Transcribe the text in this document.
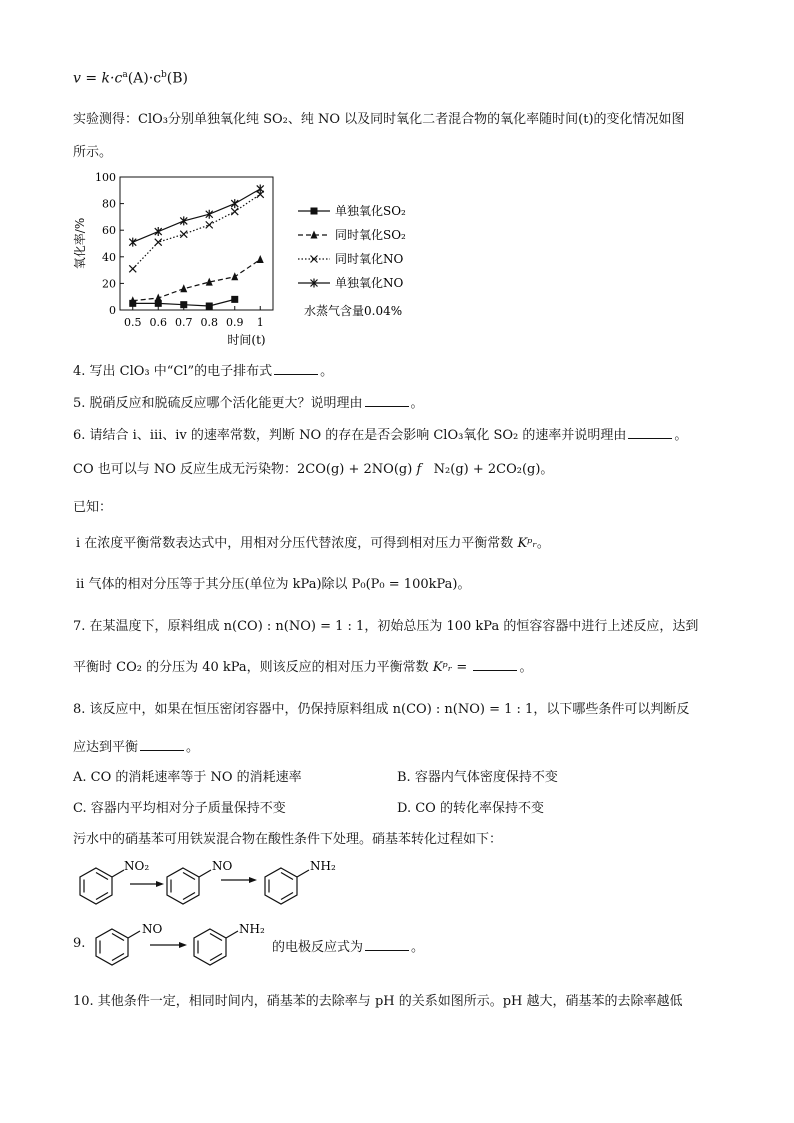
$v = k\cdot c^a(A)\cdot c^b(B)$
实验测得：ClO₃分别单独氧化纯 SO₂、纯 NO 以及同时氧化二者混合物的氧化率随时间(t)的变化情况如图
所示。
0
20
40
60
80
100
0.5 0.6 0.7 0.8 0.9 1
氧化率/%
时间(t)
单独氧化SO₂
同时氧化SO₂
同时氧化NO
单独氧化NO
水蒸气含量0.04%
4. 写出 ClO₃ 中“Cl”的电子排布式	。
5. 脱硝反应和脱硫反应哪个活化能更大？说明理由	。
6. 请结合 ⅰ、ⅲ、ⅳ 的速率常数，判断 NO 的存在是否会影响 ClO₃氧化 SO₂ 的速率并说明理由	。
CO 也可以与 NO 反应生成无污染物：2CO(g) + 2NO(g) f N₂(g) + 2CO₂(g)。
已知：
ⅰ 在浓度平衡常数表达式中，用相对分压代替浓度，可得到相对压力平衡常数 Kᵖᵣ。
ⅱ 气体的相对分压等于其分压(单位为 kPa)除以 P₀(P₀ = 100kPa)。
7. 在某温度下，原料组成 n(CO) : n(NO) = 1 : 1，初始总压为 100 kPa 的恒容容器中进行上述反应，达到
平衡时 CO₂ 的分压为 40 kPa，则该反应的相对压力平衡常数 Kᵖᵣ =	。
8. 该反应中，如果在恒压密闭容器中，仍保持原料组成 n(CO) : n(NO) = 1 : 1，以下哪些条件可以判断反
应达到平衡	。
A. CO 的消耗速率等于 NO 的消耗速率	B. 容器内气体密度保持不变
C. 容器内平均相对分子质量保持不变	D. CO 的转化率保持不变
污水中的硝基苯可用铁炭混合物在酸性条件下处理。硝基苯转化过程如下：
NO₂	NO	NH₂
9.
NO	NH₂
的电极反应式为	。
10. 其他条件一定，相同时间内，硝基苯的去除率与 pH 的关系如图所示。pH 越大，硝基苯的去除率越低
